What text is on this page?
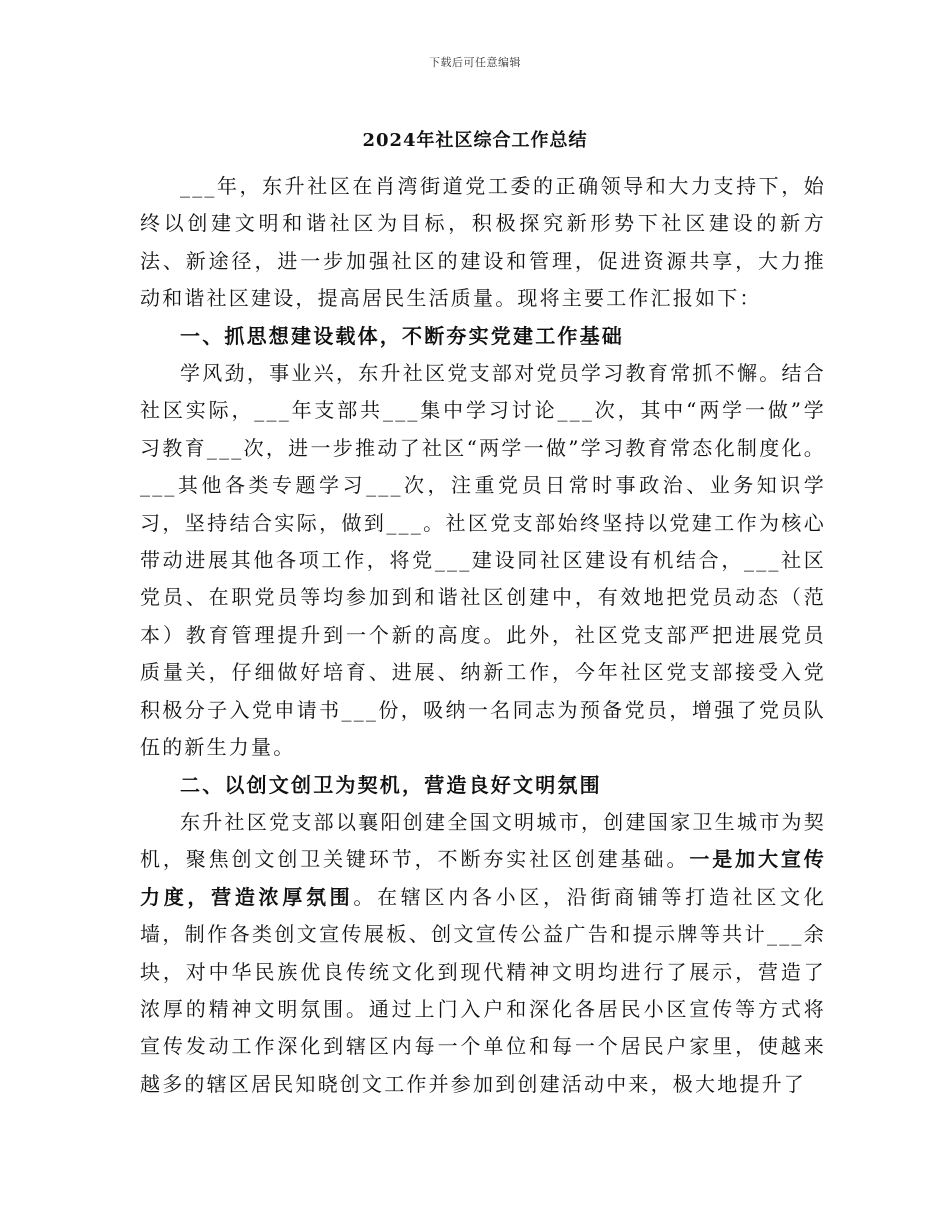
下载后可任意编辑
2024年社区综合工作总结

___年，东升社区在肖湾街道党工委的正确领导和大力支持下，始终以创建文明和谐社区为目标，积极探究新形势下社区建设的新方法、新途径，进一步加强社区的建设和管理，促进资源共享，大力推动和谐社区建设，提高居民生活质量。现将主要工作汇报如下：

一、抓思想建设载体，不断夯实党建工作基础

学风劲，事业兴，东升社区党支部对党员学习教育常抓不懈。结合社区实际，___年支部共___集中学习讨论___次，其中“两学一做”学习教育___次，进一步推动了社区“两学一做”学习教育常态化制度化。___其他各类专题学习___次，注重党员日常时事政治、业务知识学习，坚持结合实际，做到___。社区党支部始终坚持以党建工作为核心带动进展其他各项工作，将党___建设同社区建设有机结合，___社区党员、在职党员等均参加到和谐社区创建中，有效地把党员动态（范本）教育管理提升到一个新的高度。此外，社区党支部严把进展党员质量关，仔细做好培育、进展、纳新工作，今年社区党支部接受入党积极分子入党申请书___份，吸纳一名同志为预备党员，增强了党员队伍的新生力量。

二、以创文创卫为契机，营造良好文明氛围

东升社区党支部以襄阳创建全国文明城市，创建国家卫生城市为契机，聚焦创文创卫关键环节，不断夯实社区创建基础。一是加大宣传力度，营造浓厚氛围。在辖区内各小区，沿街商铺等打造社区文化墙，制作各类创文宣传展板、创文宣传公益广告和提示牌等共计___余块，对中华民族优良传统文化到现代精神文明均进行了展示，营造了浓厚的精神文明氛围。通过上门入户和深化各居民小区宣传等方式将宣传发动工作深化到辖区内每一个单位和每一个居民户家里，使越来越多的辖区居民知晓创文工作并参加到创建活动中来，极大地提升了
